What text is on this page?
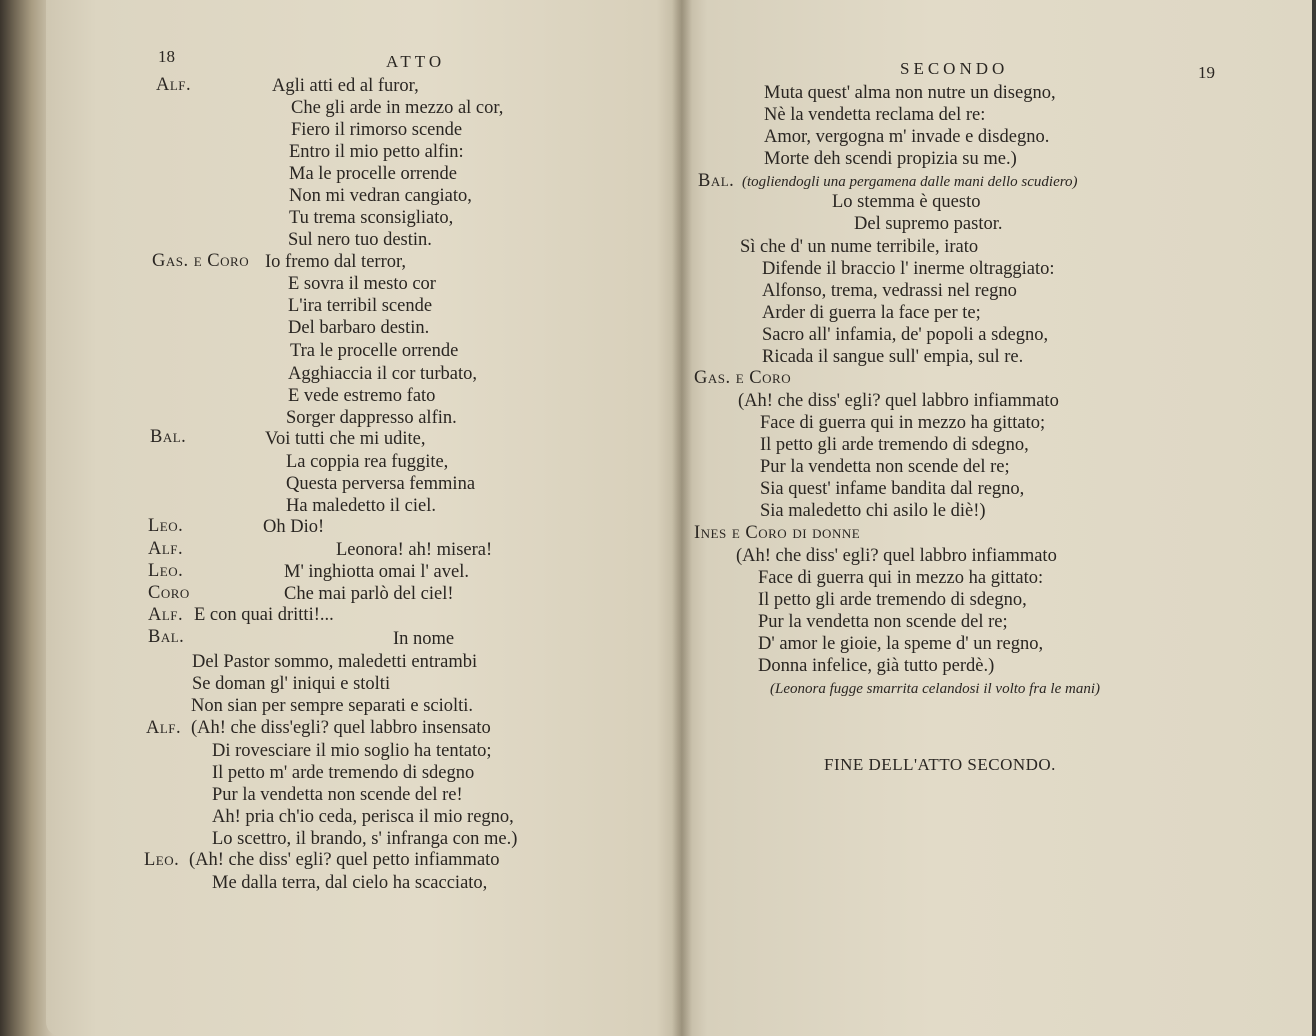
18	ATTO
Alf.	Agli atti ed al furor,
Che gli arde in mezzo al cor,
Fiero il rimorso scende
Entro il mio petto alfin:
Ma le procelle orrende
Non mi vedran cangiato,
Tu trema sconsigliato,
Sul nero tuo destin.
Gas. e Coro Io fremo dal terror,
E sovra il mesto cor
L'ira terribil scende
Del barbaro destin.
Tra le procelle orrende
Agghiaccia il cor turbato,
E vede estremo fato
Sorger dappresso alfin.
Bal.	Voi tutti che mi udite,
La coppia rea fuggite,
Questa perversa femmina
Ha maledetto il ciel.
Leo.	Oh Dio!
Alf.	Leonora! ah! misera!
Leo.	M' inghiotta omai l' avel.
Coro	Che mai parlò del ciel!
Alf. E con quai dritti!...
Bal.	In nome
Del Pastor sommo, maledetti entrambi
Se doman gl' iniqui e stolti
Non sian per sempre separati e sciolti.
Alf. (Ah! che diss'egli? quel labbro insensato
Di rovesciare il mio soglio ha tentato;
Il petto m' arde tremendo di sdegno
Pur la vendetta non scende del re!
Ah! pria ch'io ceda, perisca il mio regno,
Lo scettro, il brando, s' infranga con me.)
Leo. (Ah! che diss' egli? quel petto infiammato
Me dalla terra, dal cielo ha scacciato,
SECONDO	19
Muta quest' alma non nutre un disegno,
Nè la vendetta reclama del re:
Amor, vergogna m' invade e disdegno.
Morte deh scendi propizia su me.)
Bal. (togliendogli una pergamena dalle mani dello scudiero)
Lo stemma è questo
Del supremo pastor.
Sì che d' un nume terribile, irato
Difende il braccio l' inerme oltraggiato:
Alfonso, trema, vedrassi nel regno
Arder di guerra la face per te;
Sacro all' infamia, de' popoli a sdegno,
Ricada il sangue sull' empia, sul re.
Gas. e Coro
(Ah! che diss' egli? quel labbro infiammato
Face di guerra qui in mezzo ha gittato;
Il petto gli arde tremendo di sdegno,
Pur la vendetta non scende del re;
Sia quest' infame bandita dal regno,
Sia maledetto chi asilo le diè!)
Ines e Coro di donne
(Ah! che diss' egli? quel labbro infiammato
Face di guerra qui in mezzo ha gittato:
Il petto gli arde tremendo di sdegno,
Pur la vendetta non scende del re;
D' amor le gioie, la speme d' un regno,
Donna infelice, già tutto perdè.)
(Leonora fugge smarrita celandosi il volto fra le mani)
FINE DELL'ATTO SECONDO.
